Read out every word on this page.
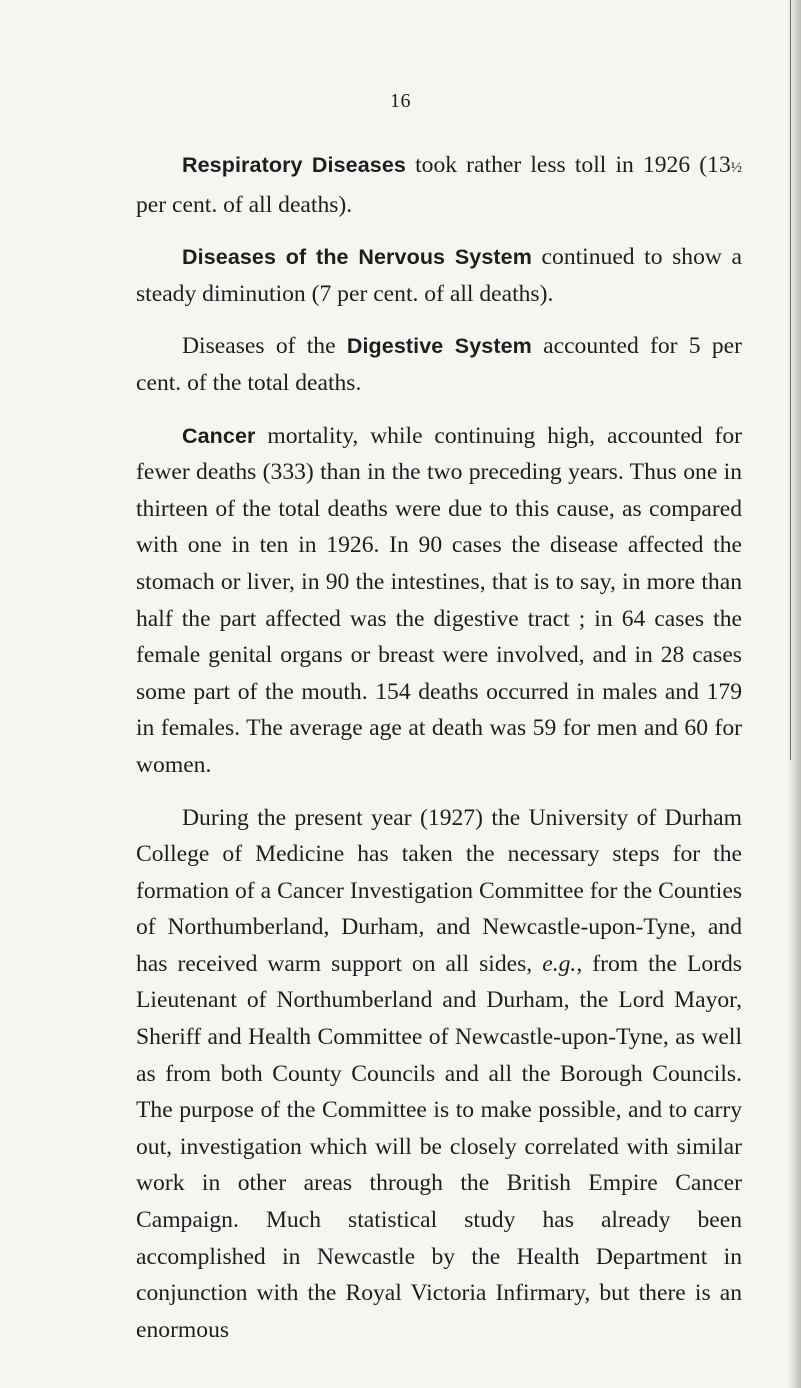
16

Respiratory Diseases took rather less toll in 1926 (13½ per cent. of all deaths).

Diseases of the Nervous System continued to show a steady diminution (7 per cent. of all deaths).

Diseases of the Digestive System accounted for 5 per cent. of the total deaths.

Cancer mortality, while continuing high, accounted for fewer deaths (333) than in the two preceding years. Thus one in thirteen of the total deaths were due to this cause, as compared with one in ten in 1926. In 90 cases the disease affected the stomach or liver, in 90 the intestines, that is to say, in more than half the part affected was the digestive tract ; in 64 cases the female genital organs or breast were involved, and in 28 cases some part of the mouth. 154 deaths occurred in males and 179 in females. The average age at death was 59 for men and 60 for women.

During the present year (1927) the University of Durham College of Medicine has taken the necessary steps for the formation of a Cancer Investigation Committee for the Counties of Northumberland, Durham, and Newcastle-upon-Tyne, and has received warm support on all sides, e.g., from the Lords Lieutenant of Northumberland and Durham, the Lord Mayor, Sheriff and Health Committee of Newcastle-upon-Tyne, as well as from both County Councils and all the Borough Councils. The purpose of the Committee is to make possible, and to carry out, investigation which will be closely correlated with similar work in other areas through the British Empire Cancer Campaign. Much statistical study has already been accomplished in Newcastle by the Health Department in conjunction with the Royal Victoria Infirmary, but there is an enormous
